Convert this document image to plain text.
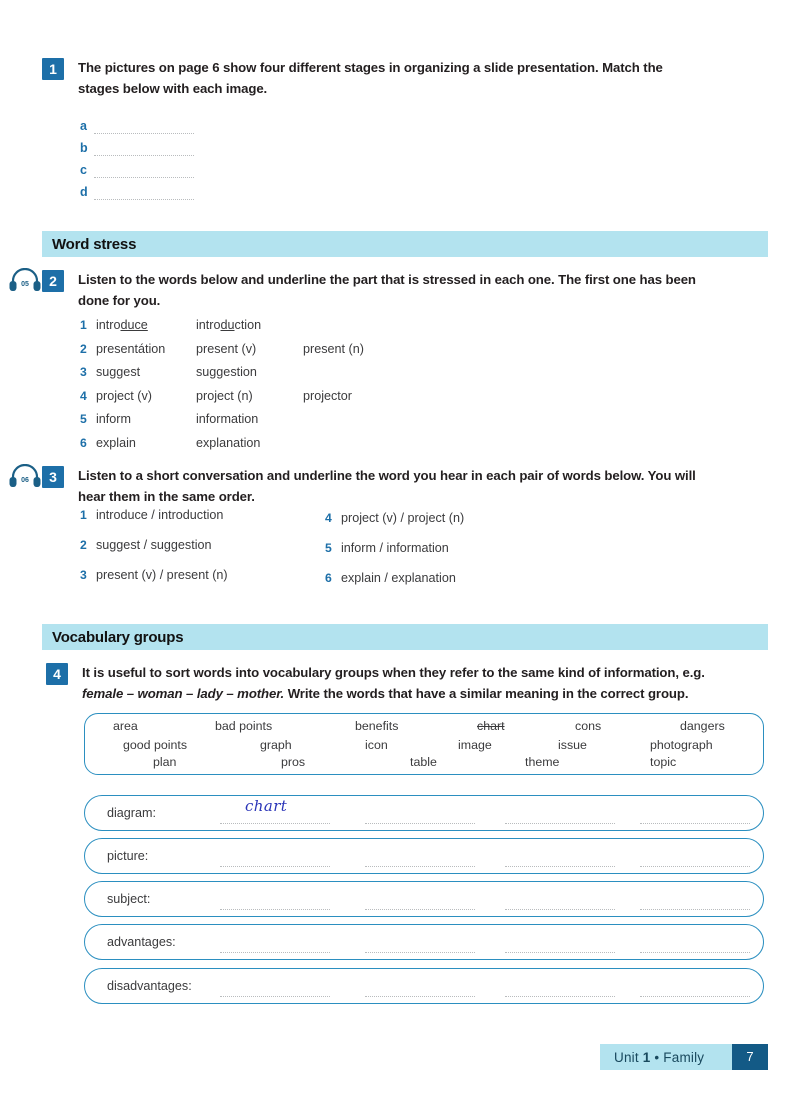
1	The pictures on page 6 show four different stages in organizing a slide presentation. Match the
stages below with each image.
a
b
c
d
Word stress
05	2	Listen to the words below and underline the part that is stressed in each one. The first one has been
done for you.
1 introduce	introduction
2 presentátion	present (v)	present (n)
3 suggest	suggestion
4 project (v)	project (n)	projector
5 inform	information
6 explain	explanation
06	3	Listen to a short conversation and underline the word you hear in each pair of words below. You will
hear them in the same order.
1 introduce / introduction
2 suggest / suggestion
3 present (v) / present (n)
4 project (v) / project (n)
5 inform / information
6 explain / explanation
Vocabulary groups
4	It is useful to sort words into vocabulary groups when they refer to the same kind of information, e.g.
female – woman – lady – mother. Write the words that have a similar meaning in the correct group.
area	bad points	benefits	chart	cons	dangers
good points	graph	icon	image	issue	photograph
plan	pros	table	theme	topic
diagram:	chart
picture:
subject:
advantages:
disadvantages:
Unit 1 • Family	7
